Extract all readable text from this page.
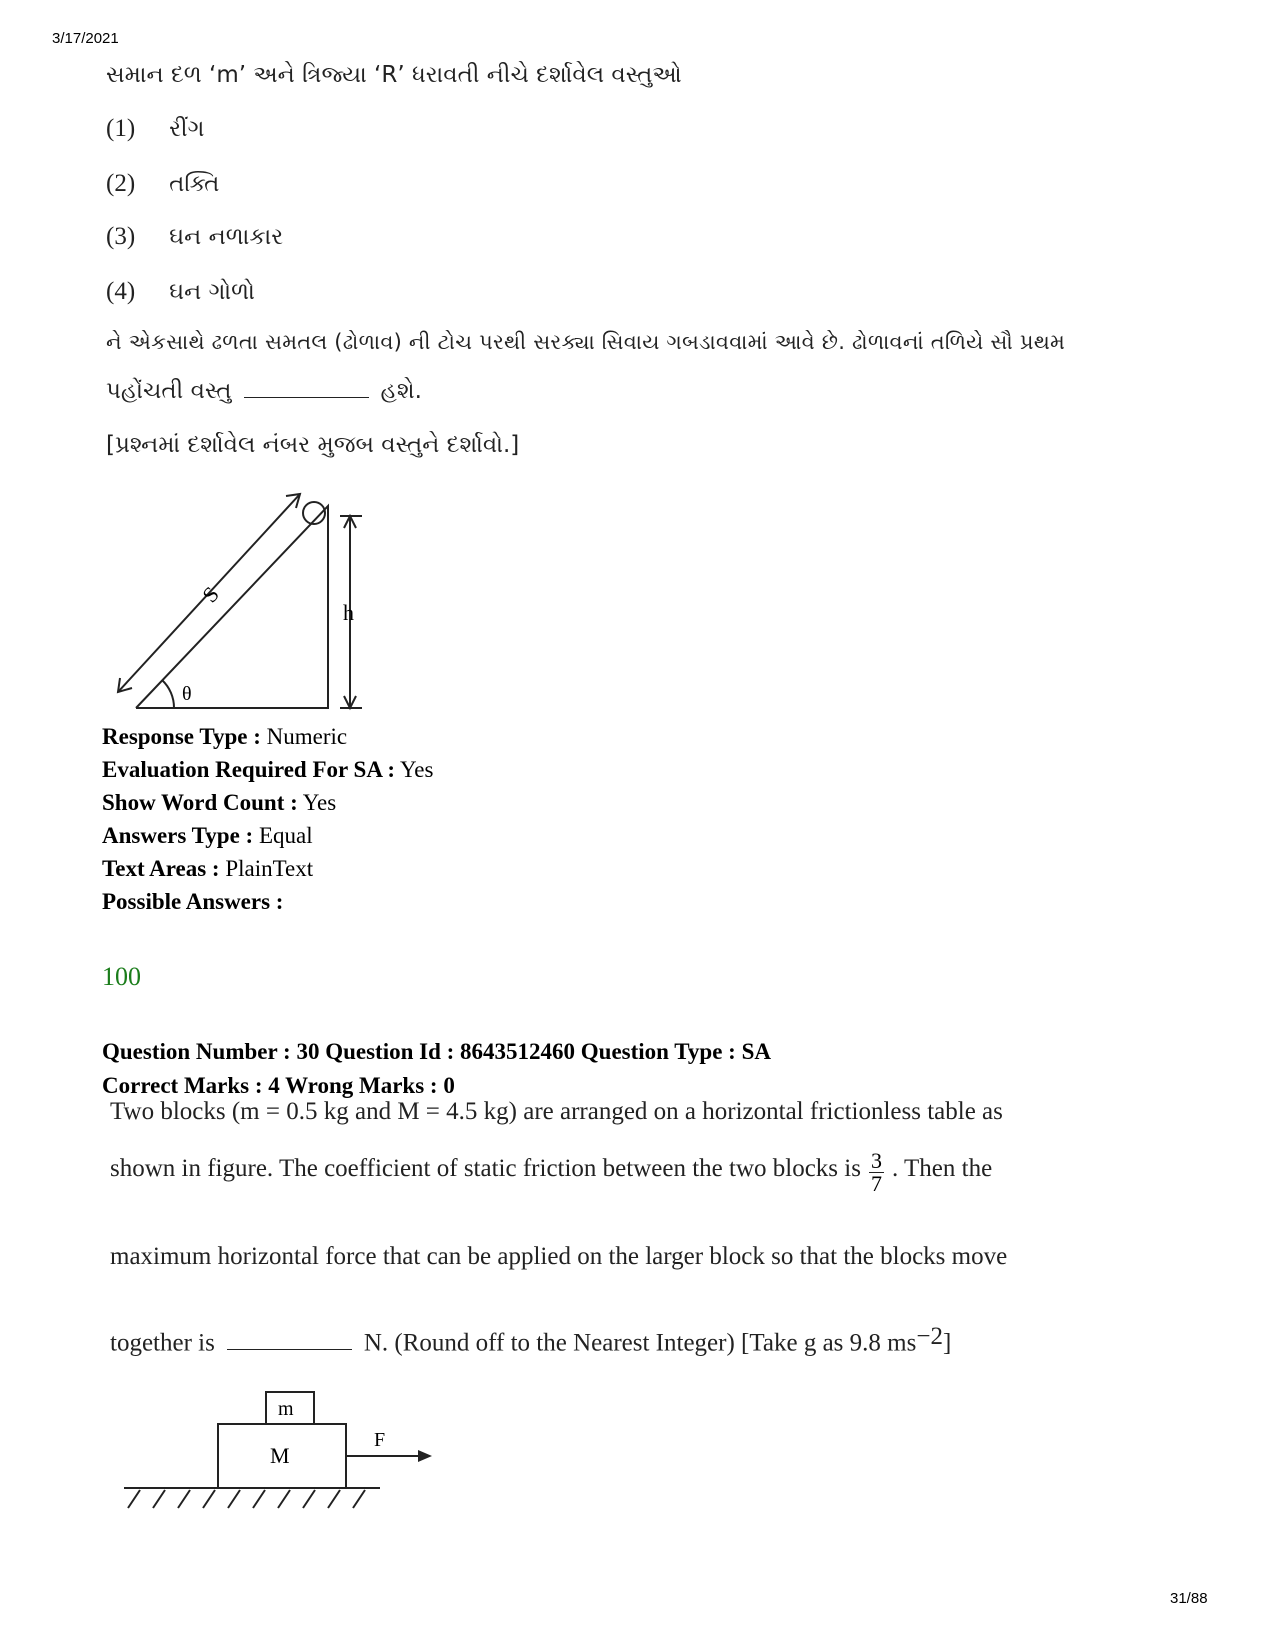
3/17/2021
સમાન દળ ‘m’ અને ત્રિજ્યા ‘R’ ધરાવતી નીચે દર્શાવેલ વસ્તુઓ
(1) રીંગ
(2) તક્તિ
(3) ઘન નળાકાર
(4) ઘન ગોળો
ને એકસાથે ઢળતા સમતલ (ઢોળાવ) ની ટોચ પરથી સરક્યા સિવાય ગબડાવવામાં આવે છે. ઢોળાવનાં તળિયે સૌ પ્રથમ
પહોંચતી વસ્તુ	હશે.
[પ્રશ્નમાં દર્શાવેલ નંબર મુજબ વસ્તુને દર્શાવો.]
S
h
θ
Response Type : Numeric
Evaluation Required For SA : Yes
Show Word Count : Yes
Answers Type : Equal
Text Areas : PlainText
Possible Answers :
100
Question Number : 30 Question Id : 8643512460 Question Type : SA
Correct Marks : 4 Wrong Marks : 0
Two blocks (m = 0.5 kg and M = 4.5 kg) are arranged on a horizontal frictionless table as
shown in figure. The coefficient of static friction between the two blocks is $\frac{3}{7}$ . Then the
maximum horizontal force that can be applied on the larger block so that the blocks move
together is	N. (Round off to the Nearest Integer) [Take g as 9.8 $ms^{-2}$]
m
M
F
31/88
